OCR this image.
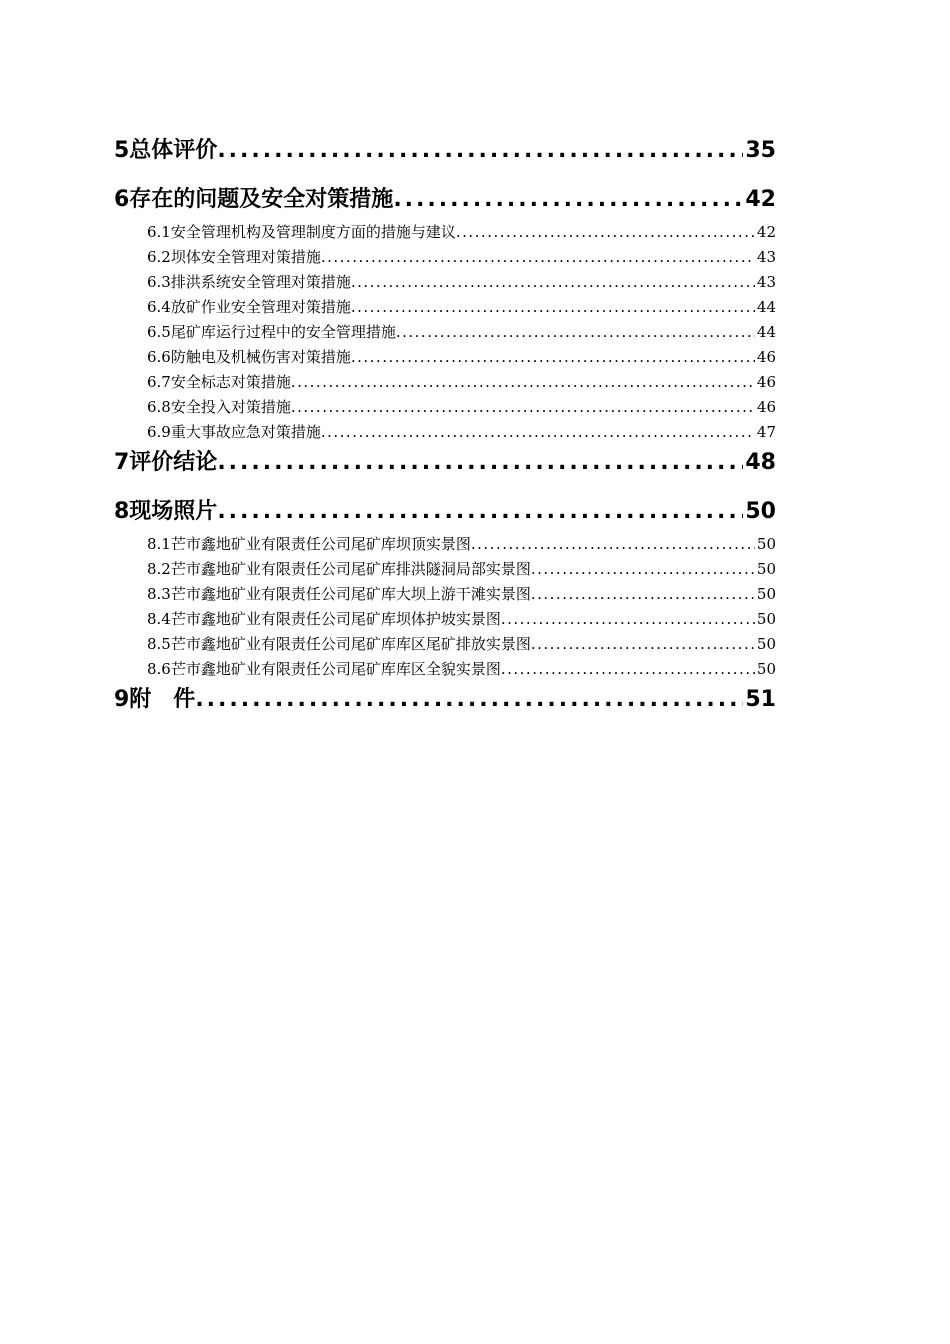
5总体评价 .....	35
6存在的问题及安全对策措施 .....	42
6.1安全管理机构及管理制度方面的措施与建议 .....	42
6.2坝体安全管理对策措施 .....	43
6.3排洪系统安全管理对策措施 .....	43
6.4放矿作业安全管理对策措施 .....	44
6.5尾矿库运行过程中的安全管理措施 .....	44
6.6防触电及机械伤害对策措施 .....	46
6.7安全标志对策措施 .....	46
6.8安全投入对策措施 .....	46
6.9重大事故应急对策措施 .....	47
7评价结论 .....	48
8现场照片 .....	50
8.1芒市鑫地矿业有限责任公司尾矿库坝顶实景图 .....	50
8.2芒市鑫地矿业有限责任公司尾矿库排洪隧洞局部实景图 .....	50
8.3芒市鑫地矿业有限责任公司尾矿库大坝上游干滩实景图 .....	50
8.4芒市鑫地矿业有限责任公司尾矿库坝体护坡实景图 .....	50
8.5芒市鑫地矿业有限责任公司尾矿库库区尾矿排放实景图 .....	50
8.6芒市鑫地矿业有限责任公司尾矿库库区全貌实景图 .....	50
9附　件 .....	51
